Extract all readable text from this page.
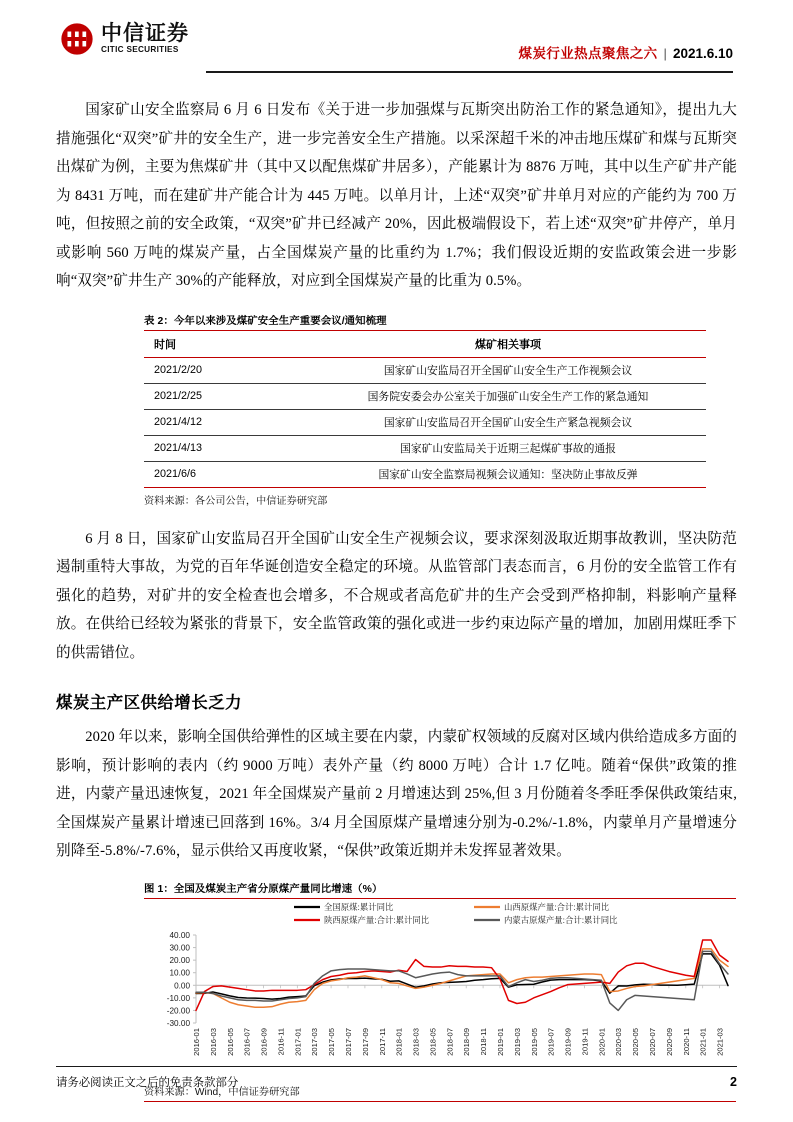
中信证券
CITIC SECURITIES	煤炭行业热点聚焦之六 | 2021.6.10

国家矿山安全监察局 6 月 6 日发布《关于进一步加强煤与瓦斯突出防治工作的紧急通知》，提出九大措施强化“双突”矿井的安全生产，进一步完善安全生产措施。以采深超千米的冲击地压煤矿和煤与瓦斯突出煤矿为例，主要为焦煤矿井（其中又以配焦煤矿井居多），产能累计为 8876 万吨，其中以生产矿井产能为 8431 万吨，而在建矿井产能合计为 445 万吨。以单月计，上述“双突”矿井单月对应的产能约为 700 万吨，但按照之前的安全政策，“双突”矿井已经减产 20%，因此极端假设下，若上述“双突”矿井停产，单月或影响 560 万吨的煤炭产量，占全国煤炭产量的比重约为 1.7%；我们假设近期的安监政策会进一步影响“双突”矿井生产 30%的产能释放，对应到全国煤炭产量的比重为 0.5%。

表 2：今年以来涉及煤矿安全生产重要会议/通知梳理
时间	煤矿相关事项
2021/2/20	国家矿山安监局召开全国矿山安全生产工作视频会议
2021/2/25	国务院安委会办公室关于加强矿山安全生产工作的紧急通知
2021/4/12	国家矿山安监局召开全国矿山安全生产紧急视频会议
2021/4/13	国家矿山安监局关于近期三起煤矿事故的通报
2021/6/6	国家矿山安全监察局视频会议通知：坚决防止事故反弹
资料来源：各公司公告，中信证券研究部

6 月 8 日，国家矿山安监局召开全国矿山安全生产视频会议，要求深刻汲取近期事故教训，坚决防范遏制重特大事故，为党的百年华诞创造安全稳定的环境。从监管部门表态而言，6 月份的安全监管工作有强化的趋势，对矿井的安全检查也会增多，不合规或者高危矿井的生产会受到严格抑制，料影响产量释放。在供给已经较为紧张的背景下，安全监管政策的强化或进一步约束边际产量的增加，加剧用煤旺季下的供需错位。

煤炭主产区供给增长乏力

2020 年以来，影响全国供给弹性的区域主要在内蒙，内蒙矿权领域的反腐对区域内供给造成多方面的影响，预计影响的表内（约 9000 万吨）表外产量（约 8000 万吨）合计 1.7 亿吨。随着“保供”政策的推进，内蒙产量迅速恢复，2021 年全国煤炭产量前 2 月增速达到 25%,但 3 月份随着冬季旺季保供政策结束,全国煤炭产量累计增速已回落到 16%。3/4 月全国原煤产量增速分别为-0.2%/-1.8%，内蒙单月产量增速分别降至-5.8%/-7.6%，显示供给又再度收紧，“保供”政策近期并未发挥显著效果。

图 1：全国及煤炭主产省分原煤产量同比增速（%）
全国原煤:累计同比	山西原煤产量:合计:累计同比
陕西原煤产量:合计:累计同比	内蒙古原煤产量:合计:累计同比
40.00
30.00
20.00
10.00
0.00
-10.00
-20.00
-30.00
2016-01 2016-03 2016-05 2016-07 2016-09 2016-11 2017-01 2017-03 2017-05 2017-07 2017-09 2017-11 2018-01 2018-03 2018-05 2018-07 2018-09 2018-11 2019-01 2019-03 2019-05 2019-07 2019-09 2019-11 2020-01 2020-03 2020-05 2020-07 2020-09 2020-11 2021-01 2021-03
资料来源：Wind，中信证券研究部
请务必阅读正文之后的免责条款部分	2
